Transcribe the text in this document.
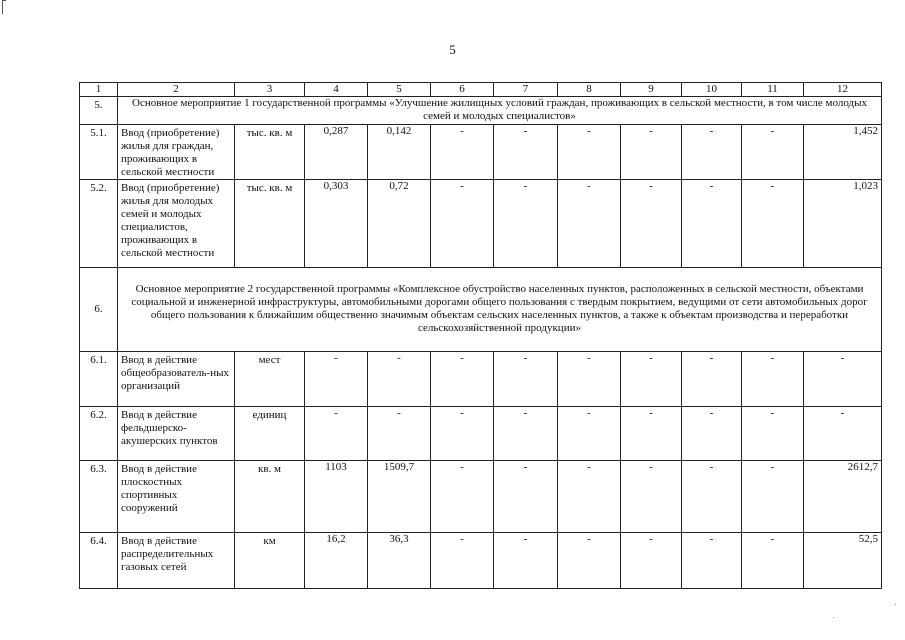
5
1	2	3	4	5	6	7	8	9	10	11	12
5.	Основное мероприятие 1 государственной программы «Улучшение жилищных условий граждан, проживающих в сельской местности, в том числе молодых семей и молодых специалистов»										
5.1.	Ввод (приобретение) жилья для граждан, проживающих в сельской местности	тыс. кв. м	0,287	0,142	-	-	-	-	-	-	1,452
5.2.	Ввод (приобретение) жилья для молодых семей и молодых специалистов, проживающих в сельской местности	тыс. кв. м	0,303	0,72	-	-	-	-	-	-	1,023
6.	Основное мероприятие 2 государственной программы «Комплексное обустройство населенных пунктов, расположенных в сельской местности, объектами социальной и инженерной инфраструктуры, автомобильными дорогами общего пользования с твердым покрытием, ведущими от сети автомобильных дорог общего пользования к ближайшим общественно значимым объектам сельских населенных пунктов, а также к объектам производства и переработки сельскохозяйственной продукции»										
6.1.	Ввод в действие общеобразователь-ных организаций	мест	-	-	-	-	-	-	-	-	-
6.2.	Ввод в действие фельдшерско-акушерских пунктов	единиц	-	-	-	-	-	-	-	-	-
6.3.	Ввод в действие плоскостных спортивных сооружений	кв. м	1103	1509,7	-	-	-	-	-	-	2612,7
6.4.	Ввод в действие распределительных газовых сетей	км	16,2	36,3	-	-	-	-	-	-	52,5
